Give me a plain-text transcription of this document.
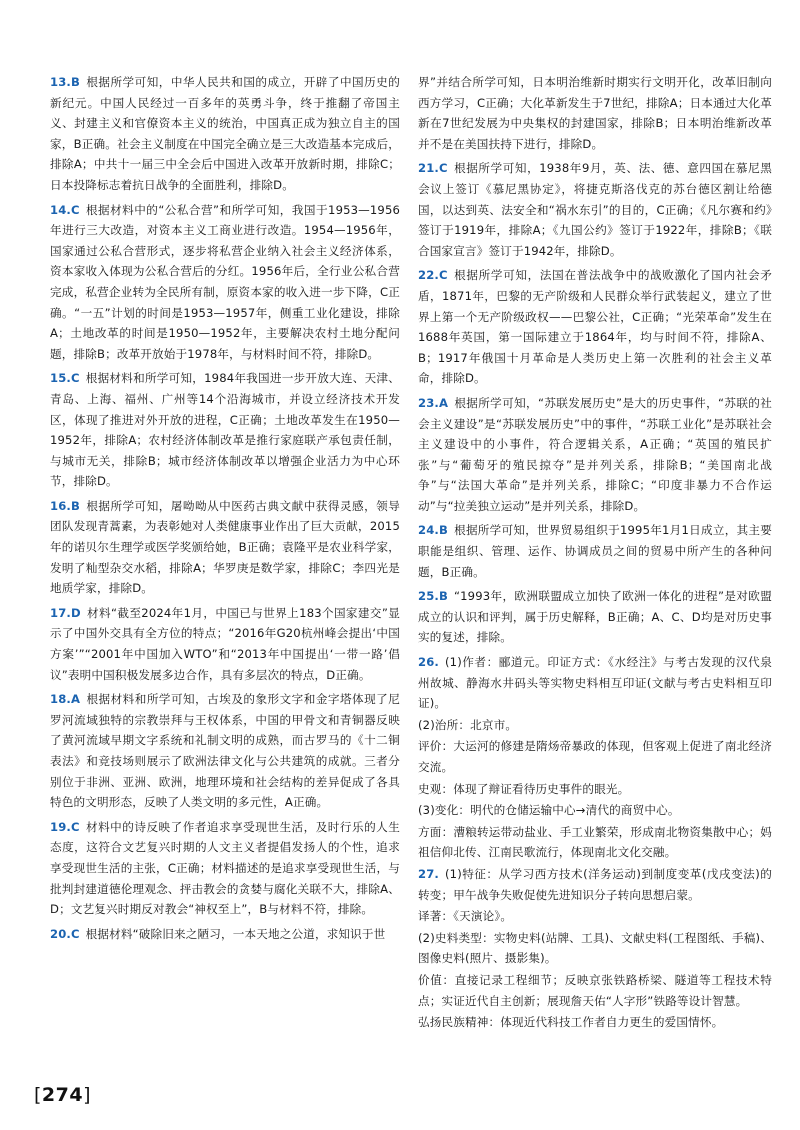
13.B 根据所学可知，中华人民共和国的成立，开辟了中国历史的新纪元。中国人民经过一百多年的英勇斗争，终于推翻了帝国主义、封建主义和官僚资本主义的统治，中国真正成为独立自主的国家，B正确。社会主义制度在中国完全确立是三大改造基本完成后，排除A；中共十一届三中全会后中国进入改革开放新时期，排除C；日本投降标志着抗日战争的全面胜利，排除D。
14.C 根据材料中的“公私合营”和所学可知，我国于1953—1956年进行三大改造，对资本主义工商业进行改造。1954—1956年，国家通过公私合营形式，逐步将私营企业纳入社会主义经济体系，资本家收入体现为公私合营后的分红。1956年后，全行业公私合营完成，私营企业转为全民所有制，原资本家的收入进一步下降，C正确。“一五”计划的时间是1953—1957年，侧重工业化建设，排除A；土地改革的时间是1950—1952年，主要解决农村土地分配问题，排除B；改革开放始于1978年，与材料时间不符，排除D。
15.C 根据材料和所学可知，1984年我国进一步开放大连、天津、青岛、上海、福州、广州等14个沿海城市，并设立经济技术开发区，体现了推进对外开放的进程，C正确；土地改革发生在1950—1952年，排除A；农村经济体制改革是推行家庭联产承包责任制，与城市无关，排除B；城市经济体制改革以增强企业活力为中心环节，排除D。
16.B 根据所学可知，屠呦呦从中医药古典文献中获得灵感，领导团队发现青蒿素，为表彰她对人类健康事业作出了巨大贡献，2015年的诺贝尔生理学或医学奖颁给她，B正确；袁隆平是农业科学家，发明了籼型杂交水稻，排除A；华罗庚是数学家，排除C；李四光是地质学家，排除D。
17.D 材料“截至2024年1月，中国已与世界上183个国家建交”显示了中国外交具有全方位的特点；“2016年G20杭州峰会提出‘中国方案’”“2001年中国加入WTO”和“2013年中国提出‘一带一路’倡议”表明中国积极发展多边合作，具有多层次的特点，D正确。
18.A 根据材料和所学可知，古埃及的象形文字和金字塔体现了尼罗河流域独特的宗教崇拜与王权体系，中国的甲骨文和青铜器反映了黄河流域早期文字系统和礼制文明的成熟，而古罗马的《十二铜表法》和竞技场则展示了欧洲法律文化与公共建筑的成就。三者分别位于非洲、亚洲、欧洲，地理环境和社会结构的差异促成了各具特色的文明形态，反映了人类文明的多元性，A正确。
19.C 材料中的诗反映了作者追求享受现世生活，及时行乐的人生态度，这符合文艺复兴时期的人文主义者提倡发扬人的个性，追求享受现世生活的主张，C正确；材料描述的是追求享受现世生活，与批判封建道德伦理观念、抨击教会的贪婪与腐化关联不大，排除A、D；文艺复兴时期反对教会“神权至上”，B与材料不符，排除。
20.C 根据材料“破除旧来之陋习，一本天地之公道，求知识于世
界”并结合所学可知，日本明治维新时期实行文明开化，改革旧制向西方学习，C正确；大化革新发生于7世纪，排除A；日本通过大化革新在7世纪发展为中央集权的封建国家，排除B；日本明治维新改革并不是在美国扶持下进行，排除D。
21.C 根据所学可知，1938年9月，英、法、德、意四国在慕尼黑会议上签订《慕尼黑协定》，将捷克斯洛伐克的苏台德区割让给德国，以达到英、法安全和“祸水东引”的目的，C正确；《凡尔赛和约》签订于1919年，排除A；《九国公约》签订于1922年，排除B；《联合国家宣言》签订于1942年，排除D。
22.C 根据所学可知，法国在普法战争中的战败激化了国内社会矛盾，1871年，巴黎的无产阶级和人民群众举行武装起义，建立了世界上第一个无产阶级政权——巴黎公社，C正确；“光荣革命”发生在1688年英国，第一国际建立于1864年，均与时间不符，排除A、B；1917年俄国十月革命是人类历史上第一次胜利的社会主义革命，排除D。
23.A 根据所学可知，“苏联发展历史”是大的历史事件，“苏联的社会主义建设”是“苏联发展历史”中的事件，“苏联工业化”是苏联社会主义建设中的小事件，符合逻辑关系，A正确；“英国的殖民扩张”与“葡萄牙的殖民掠夺”是并列关系，排除B；“美国南北战争”与“法国大革命”是并列关系，排除C；“印度非暴力不合作运动”与“拉美独立运动”是并列关系，排除D。
24.B 根据所学可知，世界贸易组织于1995年1月1日成立，其主要职能是组织、管理、运作、协调成员之间的贸易中所产生的各种问题，B正确。
25.B “1993年，欧洲联盟成立加快了欧洲一体化的进程”是对欧盟成立的认识和评判，属于历史解释，B正确；A、C、D均是对历史事实的复述，排除。
26. (1)作者：郦道元。印证方式：《水经注》与考古发现的汉代泉州故城、静海水井码头等实物史料相互印证(文献与考古史料相互印证)。
(2)治所：北京市。
评价：大运河的修建是隋炀帝暴政的体现，但客观上促进了南北经济交流。
史观：体现了辩证看待历史事件的眼光。
(3)变化：明代的仓储运输中心→清代的商贸中心。
方面：漕粮转运带动盐业、手工业繁荣，形成南北物资集散中心；妈祖信仰北传、江南民歌流行，体现南北文化交融。
27. (1)特征：从学习西方技术(洋务运动)到制度变革(戊戌变法)的转变；甲午战争失败促使先进知识分子转向思想启蒙。
译著：《天演论》。
(2)史料类型：实物史料(站牌、工具)、文献史料(工程图纸、手稿)、图像史料(照片、摄影集)。
价值：直接记录工程细节；反映京张铁路桥梁、隧道等工程技术特点；实证近代自主创新；展现詹天佑“人字形”铁路等设计智慧。
弘扬民族精神：体现近代科技工作者自力更生的爱国情怀。
[274]
